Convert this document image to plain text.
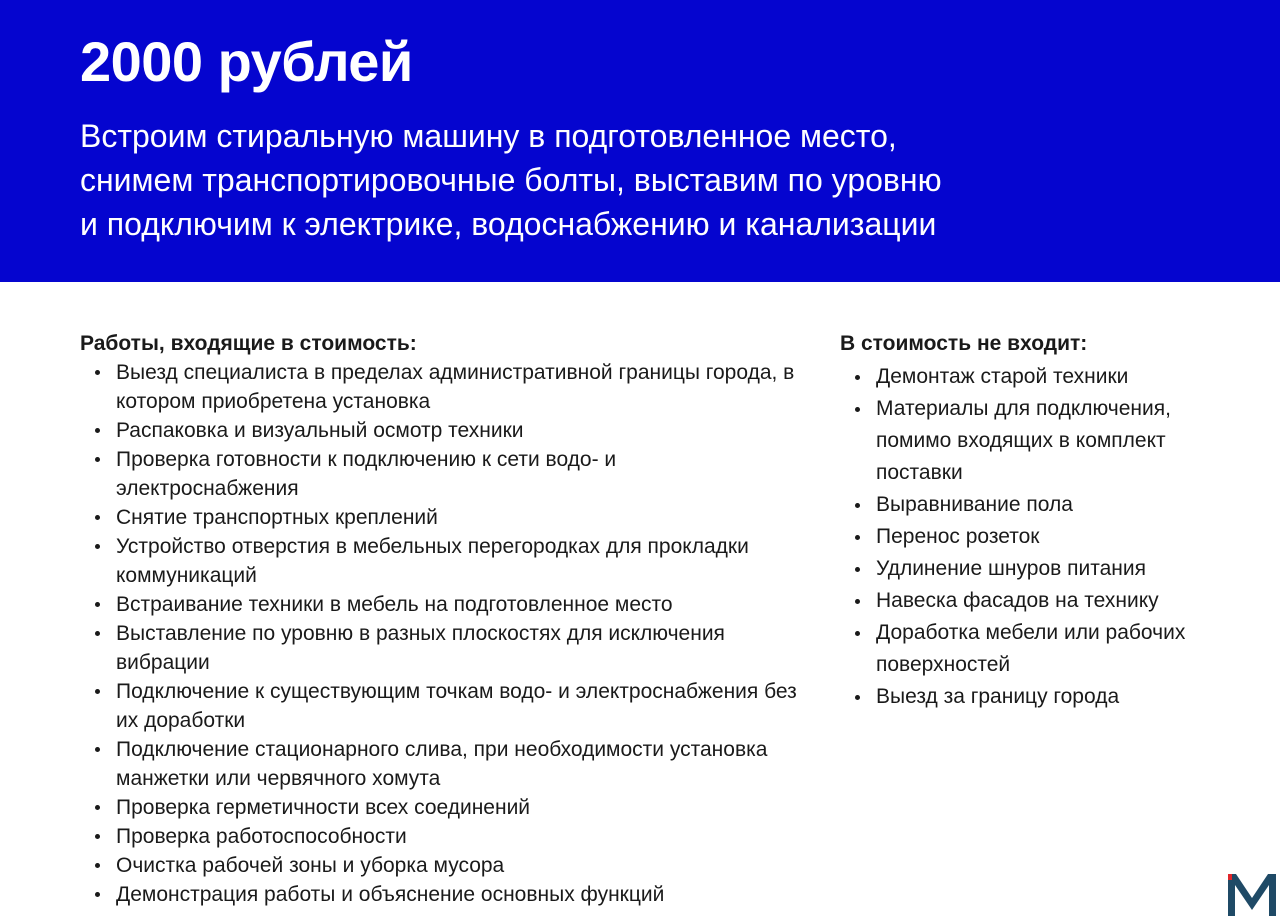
2000 рублей

Встроим стиральную машину в подготовленное место,
снимем транспортировочные болты, выставим по уровню
и подключим к электрике, водоснабжению и канализации

Работы, входящие в стоимость:
Выезд специалиста в пределах административной границы города, в котором приобретена установка
Распаковка и визуальный осмотр техники
Проверка готовности к подключению к сети водо- и электроснабжения
Снятие транспортных креплений
Устройство отверстия в мебельных перегородках для прокладки коммуникаций
Встраивание техники в мебель на подготовленное место
Выставление по уровню в разных плоскостях для исключения вибрации
Подключение к существующим точкам водо- и электроснабжения без их доработки
Подключение стационарного слива, при необходимости установка манжетки или червячного хомута
Проверка герметичности всех соединений
Проверка работоспособности
Очистка рабочей зоны и уборка мусора
Демонстрация работы и объяснение основных функций
В стоимость не входит:
Демонтаж старой техники
Материалы для подключения, помимо входящих в комплект поставки
Выравнивание пола
Перенос розеток
Удлинение шнуров питания
Навеска фасадов на технику
Доработка мебели или рабочих поверхностей
Выезд за границу города
